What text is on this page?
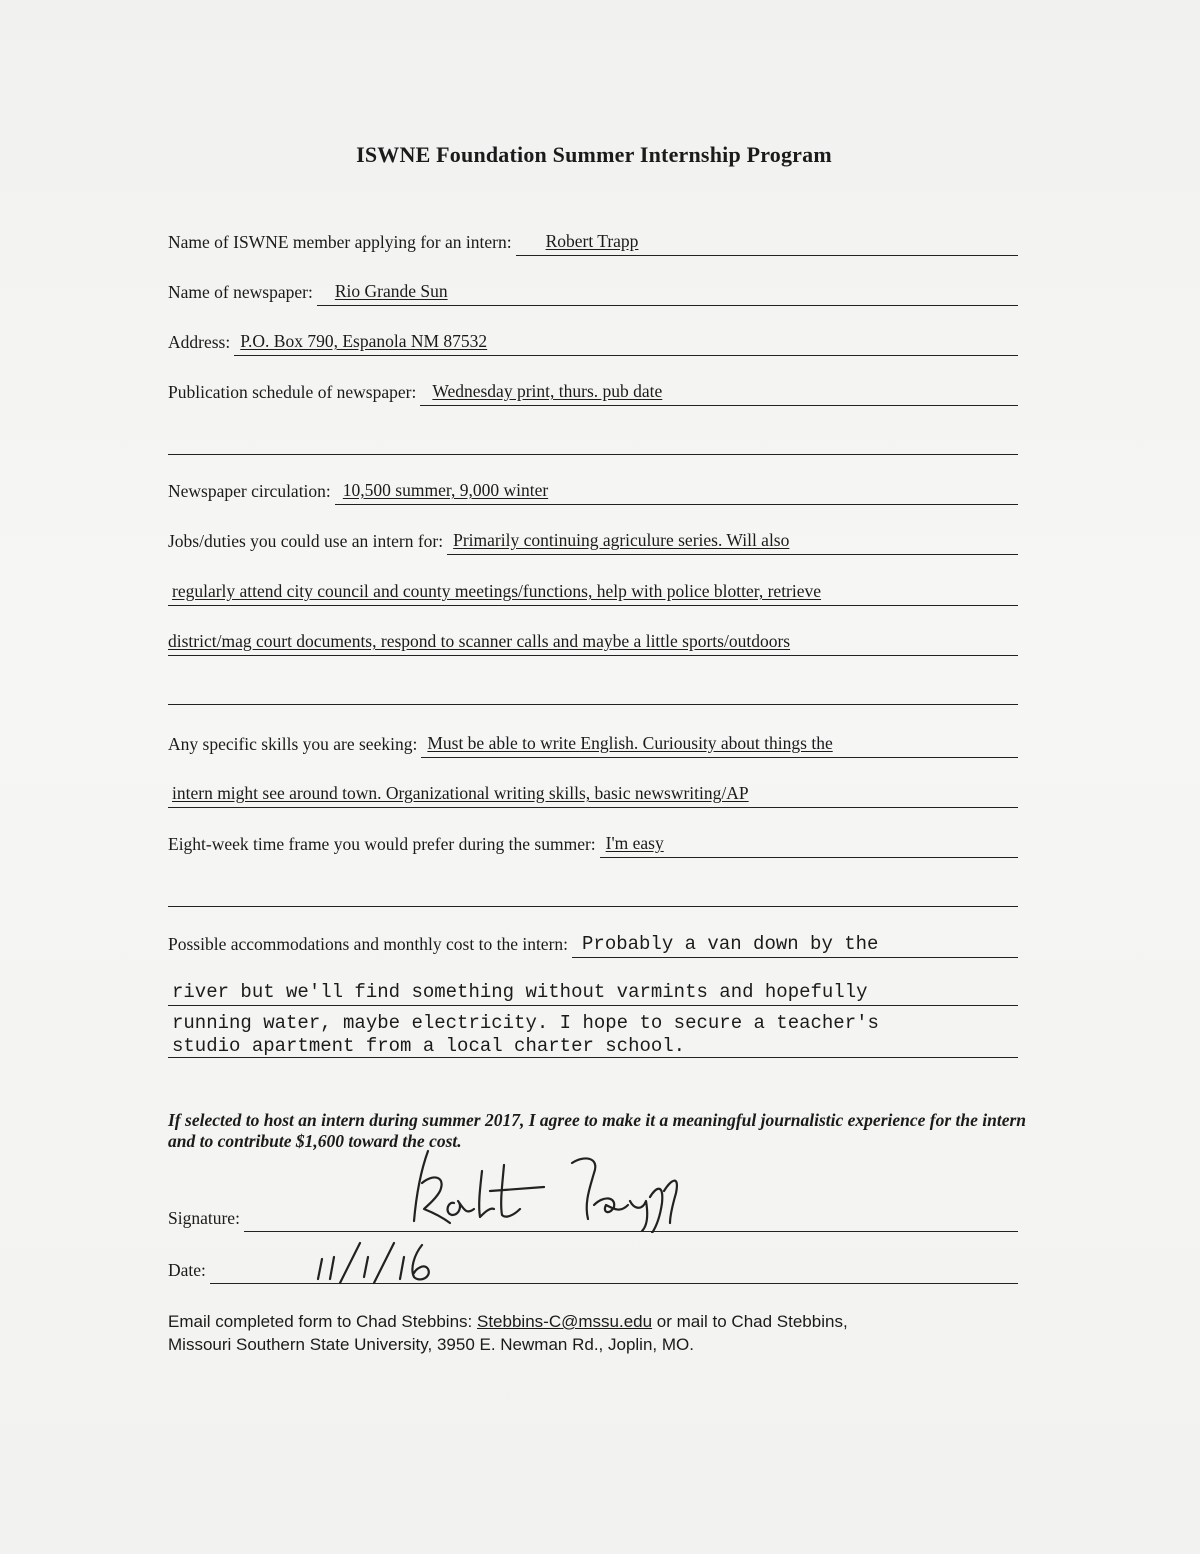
ISWNE Foundation Summer Internship Program
Name of ISWNE member applying for an intern: Robert Trapp
Name of newspaper: Rio Grande Sun
Address: P.O. Box 790, Espanola NM 87532
Publication schedule of newspaper: Wednesday print, thurs. pub date
Newspaper circulation: 10,500 summer, 9,000 winter
Jobs/duties you could use an intern for: Primarily continuing agriculure series. Will also
regularly attend city council and county meetings/functions, help with police blotter, retrieve
district/mag court documents, respond to scanner calls and maybe a little sports/outdoors
Any specific skills you are seeking: Must be able to write English. Curiousity about things the
intern might see around town. Organizational writing skills, basic newswriting/AP
Eight-week time frame you would prefer during the summer: I'm easy
Possible accommodations and monthly cost to the intern: Probably a van down by the
river but we'll find something without varmints and hopefully
running water, maybe electricity. I hope to secure a teacher's
studio apartment from a local charter school.
If selected to host an intern during summer 2017, I agree to make it a meaningful journalistic experience for the intern and to contribute $1,600 toward the cost.
Signature:
Date:
Email completed form to Chad Stebbins: Stebbins-C@mssu.edu or mail to Chad Stebbins,
Missouri Southern State University, 3950 E. Newman Rd., Joplin, MO.
